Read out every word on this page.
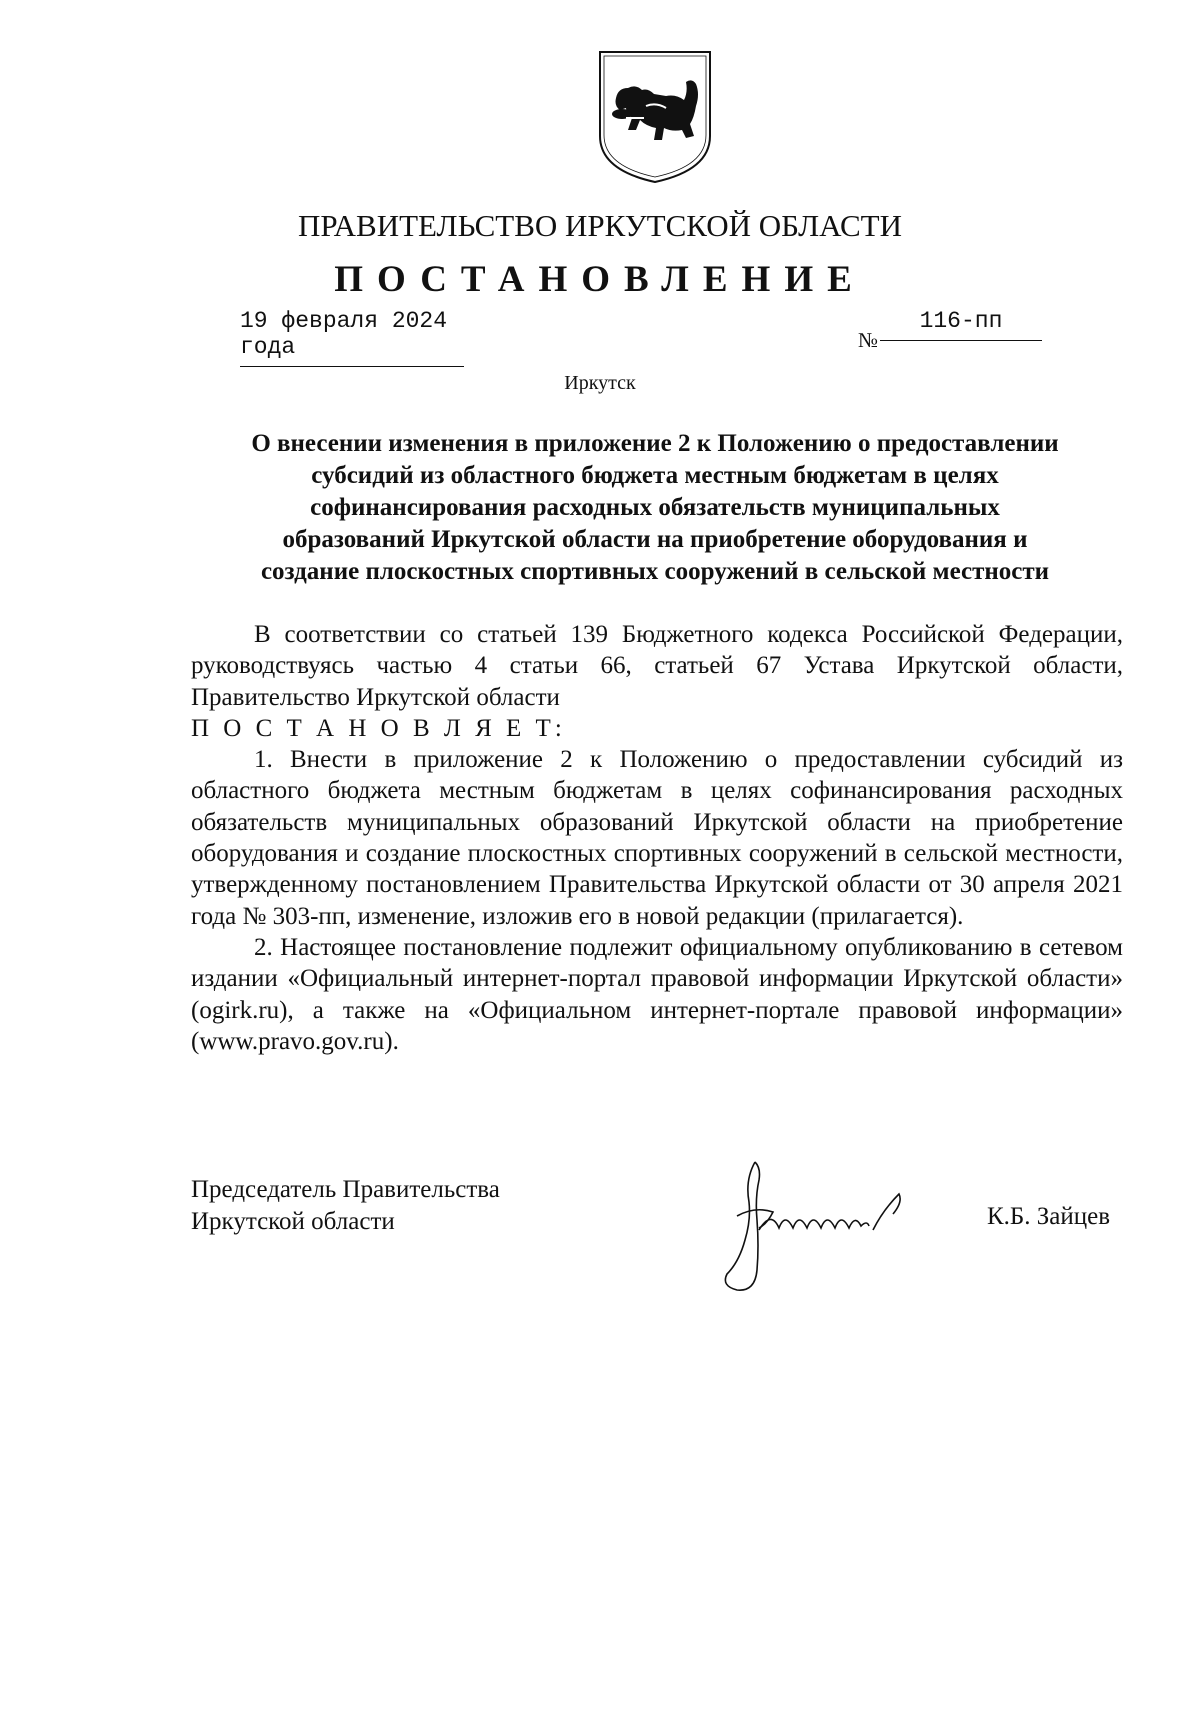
ПРАВИТЕЛЬСТВО ИРКУТСКОЙ ОБЛАСТИ
ПОСТАНОВЛЕНИЕ
19 февраля 2024 года	№
116-пп
Иркутск
О внесении изменения в приложение 2 к Положению о предоставлении
субсидий из областного бюджета местным бюджетам в целях
софинансирования расходных обязательств муниципальных
образований Иркутской области на приобретение оборудования и
создание плоскостных спортивных сооружений в сельской местности

В соответствии со статьей 139 Бюджетного кодекса Российской Федерации, руководствуясь частью 4 статьи 66, статьей 67 Устава Иркутской области, Правительство Иркутской области

П О С Т А Н О В Л Я Е Т:

1. Внести в приложение 2 к Положению о предоставлении субсидий из областного бюджета местным бюджетам в целях софинансирования расходных обязательств муниципальных образований Иркутской области на приобретение оборудования и создание плоскостных спортивных сооружений в сельской местности, утвержденному постановлением Правительства Иркутской области от 30 апреля 2021 года № 303-пп, изменение, изложив его в новой редакции (прилагается).

2. Настоящее постановление подлежит официальному опубликованию в сетевом издании «Официальный интернет-портал правовой информации Иркутской области» (ogirk.ru), а также на «Официальном интернет-портале правовой информации» (www.pravo.gov.ru).

Председатель Правительства
Иркутской области	К.Б. Зайцев
